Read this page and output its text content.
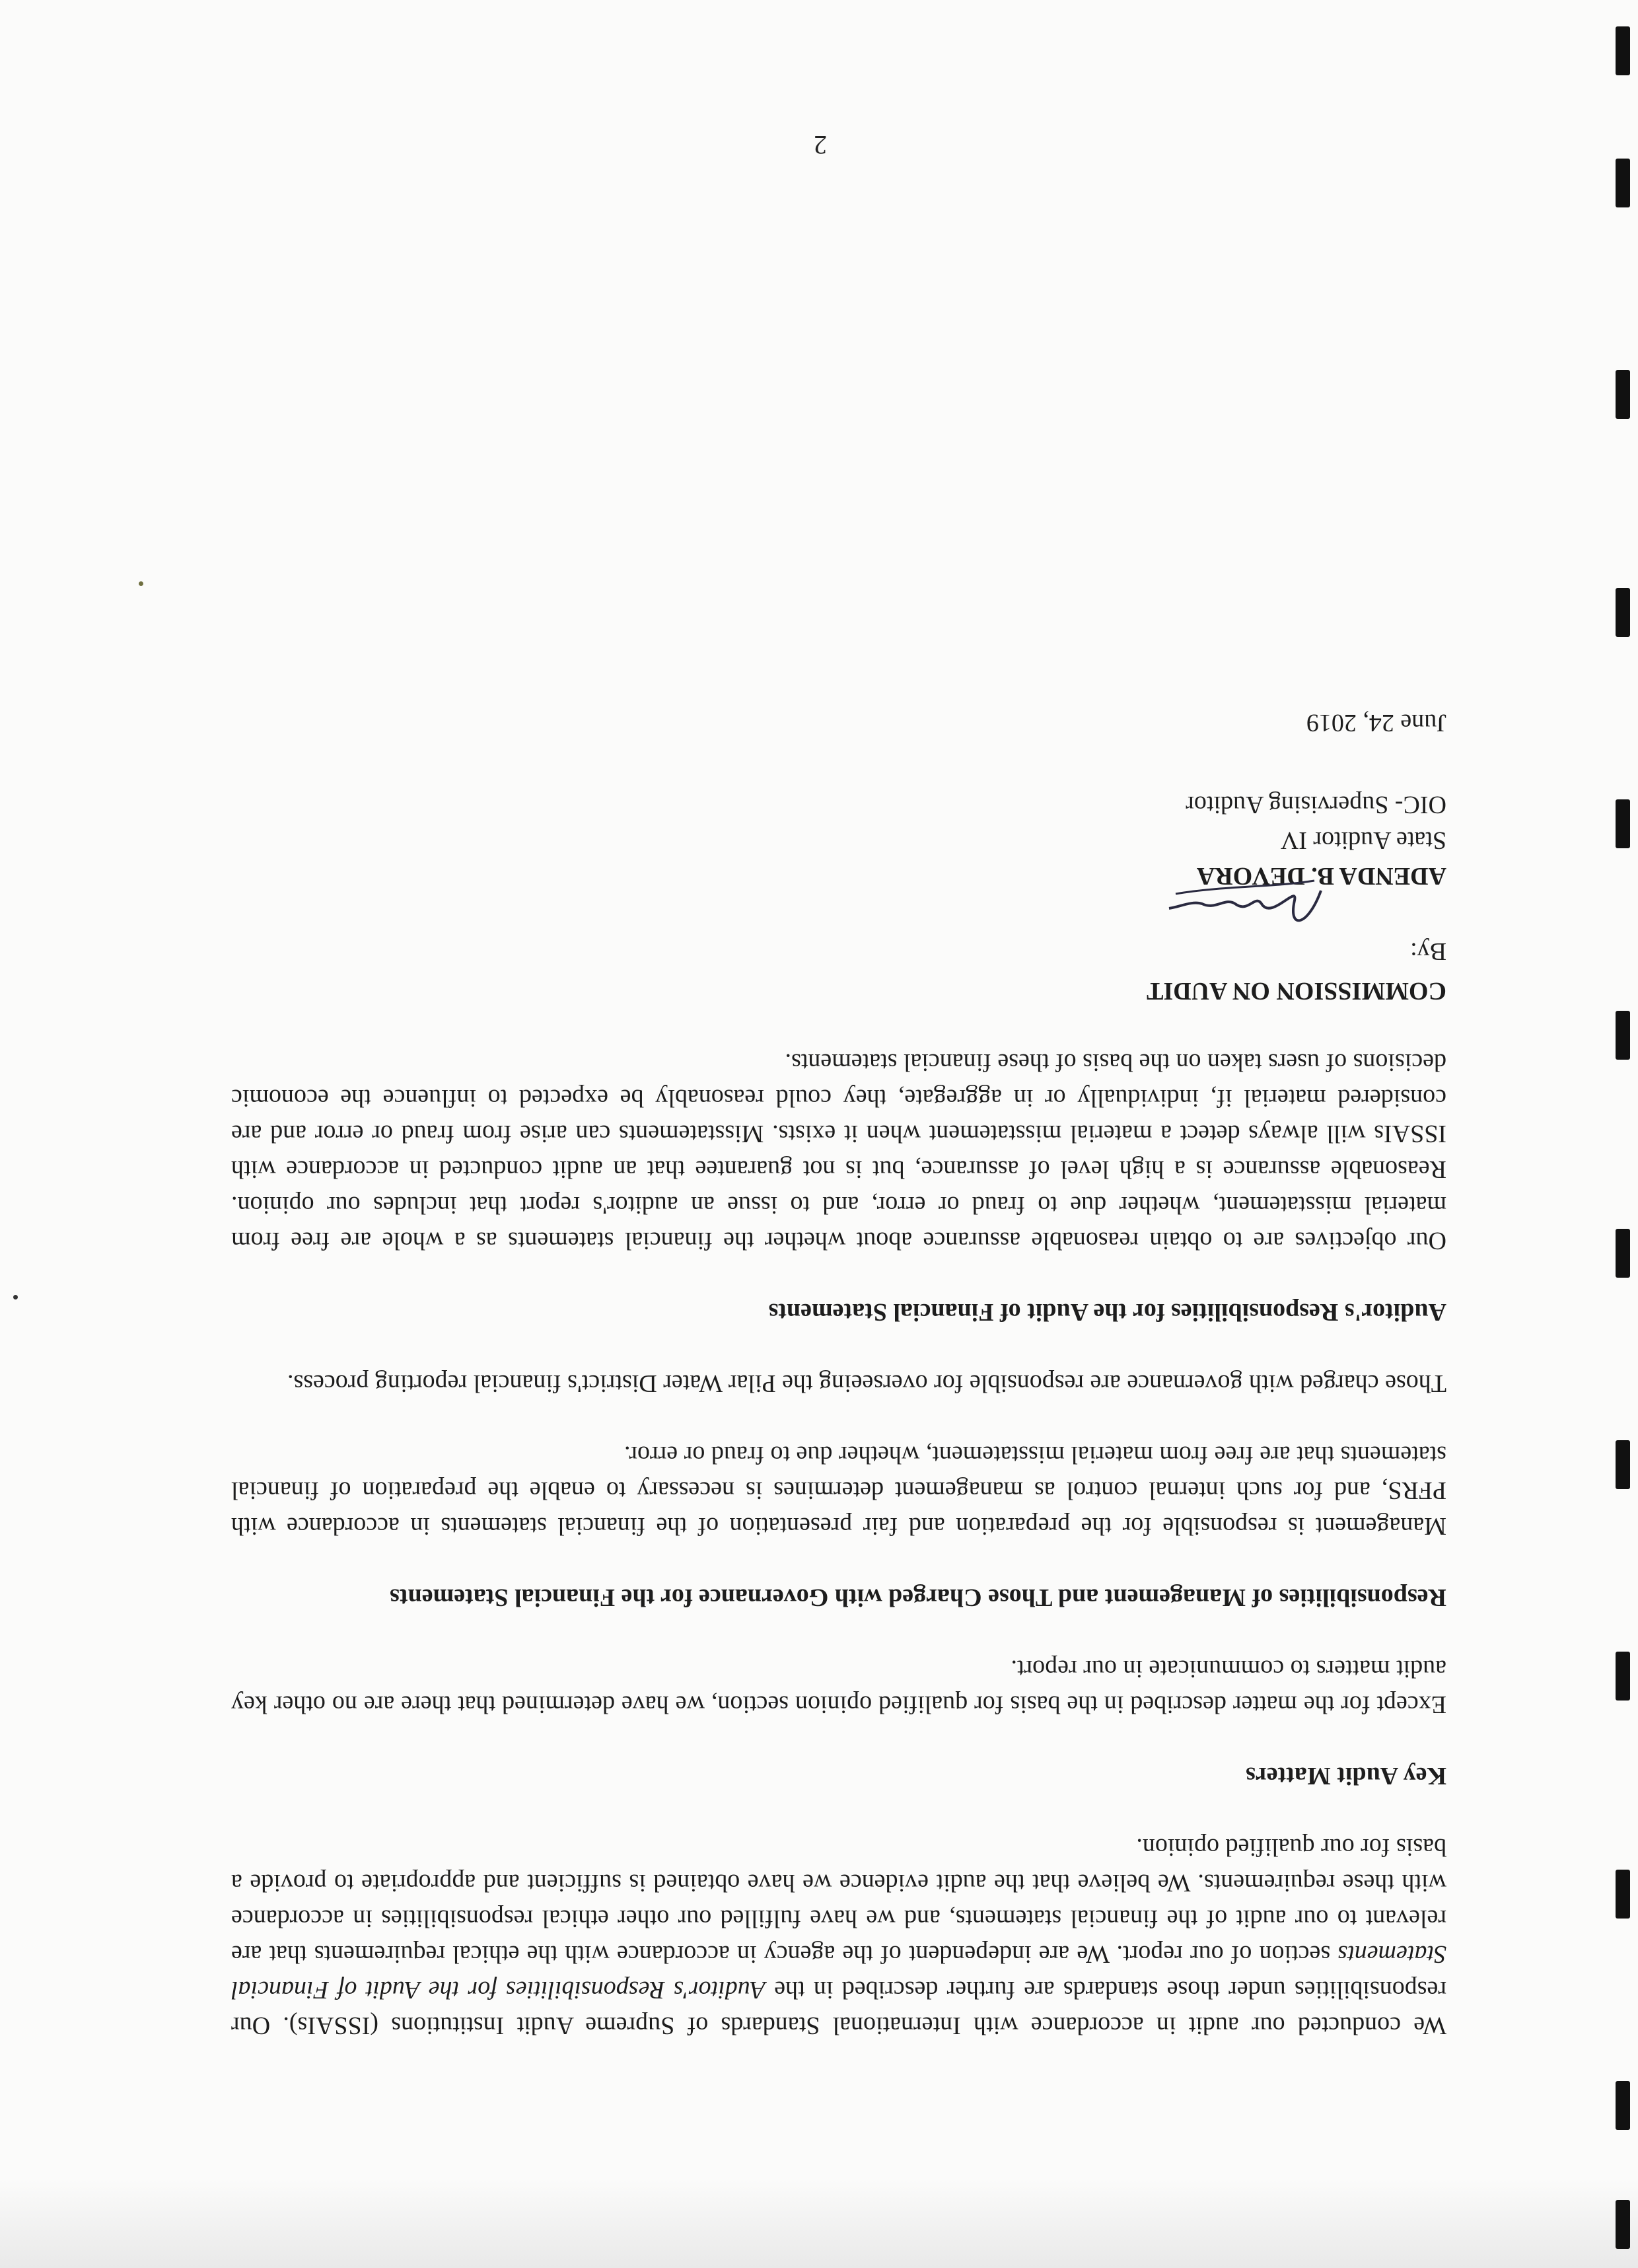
We conducted our audit in accordance with International Standards of Supreme Audit Institutions (ISSAIs). Our responsibilities under those standards are further described in the Auditor's Responsibilities for the Audit of Financial Statements section of our report. We are independent of the agency in accordance with the ethical requirements that are relevant to our audit of the financial statements, and we have fulfilled our other ethical responsibilities in accordance with these requirements. We believe that the audit evidence we have obtained is sufficient and appropriate to provide a basis for our qualified opinion.

Key Audit Matters

Except for the matter described in the basis for qualified opinion section, we have determined that there are no other key audit matters to communicate in our report.

Responsibilities of Management and Those Charged with Governance for the Financial Statements

Management is responsible for the preparation and fair presentation of the financial statements in accordance with PFRS, and for such internal control as management determines is necessary to enable the preparation of financial statements that are free from material misstatement, whether due to fraud or error.

Those charged with governance are responsible for overseeing the Pilar Water District's financial reporting process.

Auditor's Responsibilities for the Audit of Financial Statements

Our objectives are to obtain reasonable assurance about whether the financial statements as a whole are free from material misstatement, whether due to fraud or error, and to issue an auditor's report that includes our opinion. Reasonable assurance is a high level of assurance, but is not guarantee that an audit conducted in accordance with ISSAIs will always detect a material misstatement when it exists. Misstatements can arise from fraud or error and are considered material if, individually or in aggregate, they could reasonably be expected to influence the economic decisions of users taken on the basis of these financial statements.

COMMISSION ON AUDIT
By:
ADENDA B. DEVORA
State Auditor IV
OIC- Supervising Auditor
June 24, 2019
2
